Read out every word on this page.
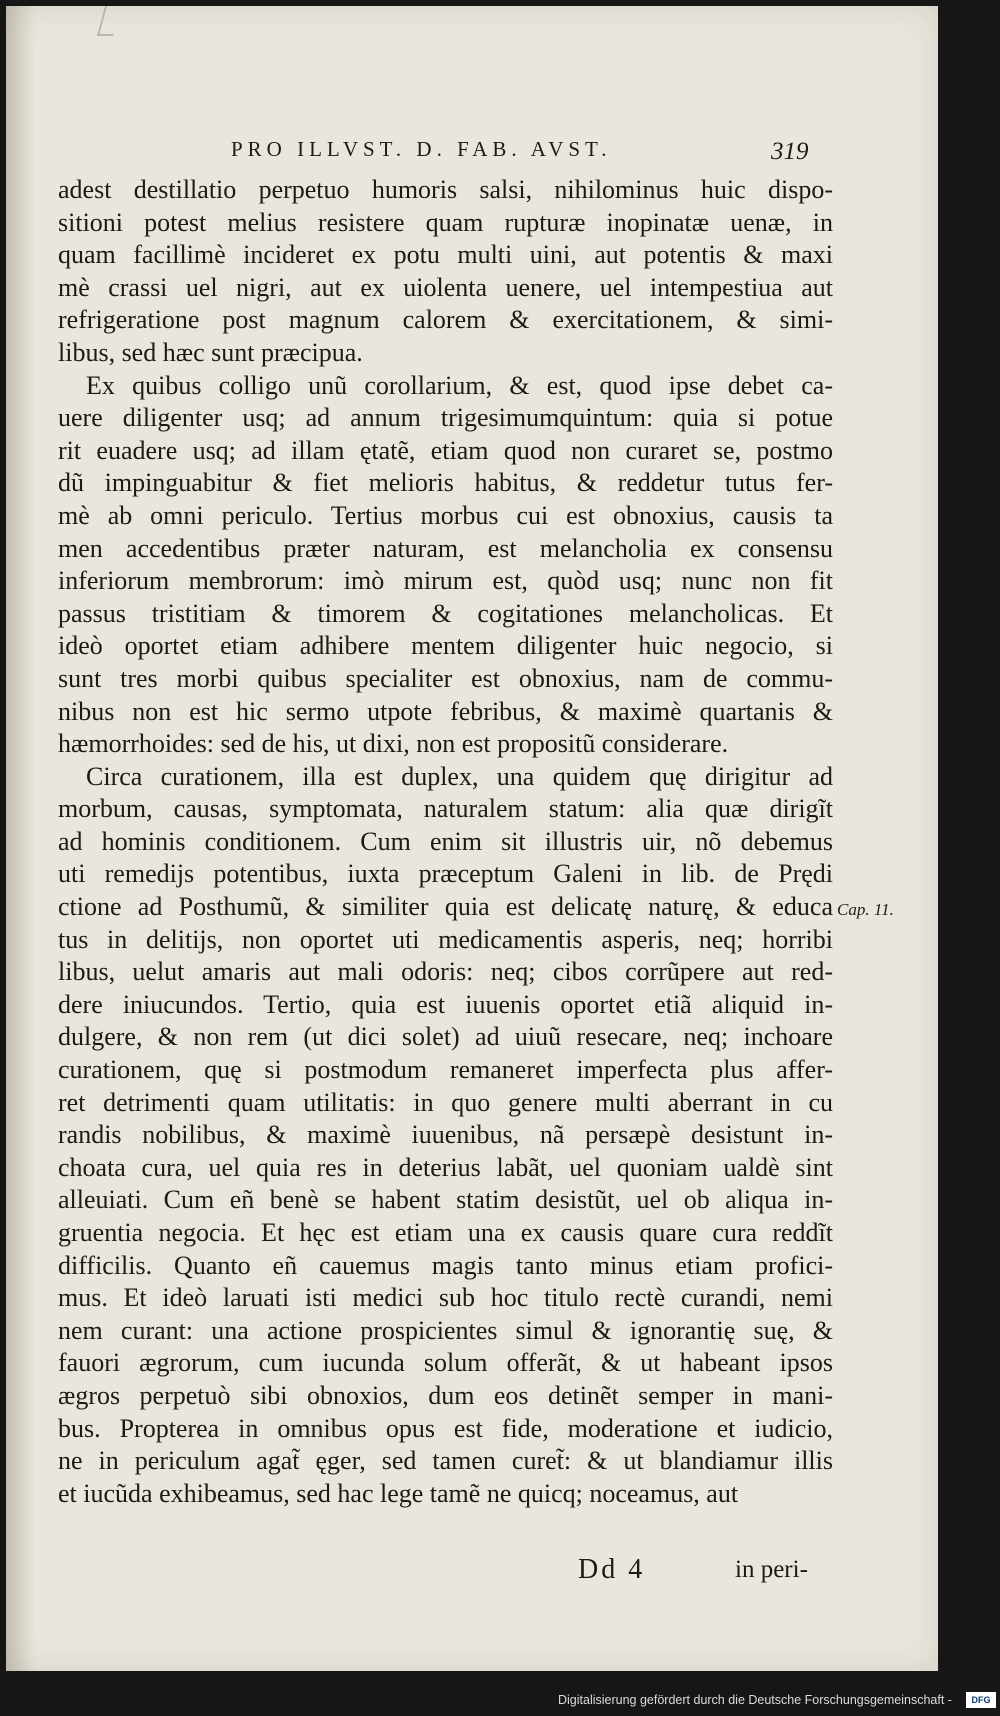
PRO ILLVST. D. FAB. AVST.	319
adest destillatio perpetuo humoris salsi, nihilominus huic dispo-
sitioni potest melius resistere quam rupturæ inopinatæ uenæ, in
quam facillimè incideret ex potu multi uini, aut potentis & maxi
mè crassi uel nigri, aut ex uiolenta uenere, uel intempestiua aut
refrigeratione post magnum calorem & exercitationem, & simi-
libus, sed hæc sunt præcipua.
Ex quibus colligo unũ corollarium, & est, quod ipse debet ca-
uere diligenter usq; ad annum trigesimumquintum: quia si potue
rit euadere usq; ad illam ętatẽ, etiam quod non curaret se, postmo
dũ impinguabitur & fiet melioris habitus, & reddetur tutus fer-
mè ab omni periculo. Tertius morbus cui est obnoxius, causis ta
men accedentibus præter naturam, est melancholia ex consensu
inferiorum membrorum: imò mirum est, quòd usq; nunc non fit
passus tristitiam & timorem & cogitationes melancholicas. Et
ideò oportet etiam adhibere mentem diligenter huic negocio, si
sunt tres morbi quibus specialiter est obnoxius, nam de commu-
nibus non est hic sermo utpote febribus, & maximè quartanis &
hæmorrhoides: sed de his, ut dixi, non est propositũ considerare.
Circa curationem, illa est duplex, una quidem quę dirigitur ad
morbum, causas, symptomata, naturalem statum: alia quæ dirigĩt
ad hominis conditionem. Cum enim sit illustris uir, nõ debemus
uti remedijs potentibus, iuxta præceptum Galeni in lib. de Prędi
ctione ad Posthumũ, & similiter quia est delicatę naturę, & educa
tus in delitijs, non oportet uti medicamentis asperis, neq; horribi
libus, uelut amaris aut mali odoris: neq; cibos corrũpere aut red-
dere iniucundos. Tertio, quia est iuuenis oportet etiã aliquid in-
dulgere, & non rem (ut dici solet) ad uiuũ resecare, neq; inchoare
curationem, quę si postmodum remaneret imperfecta plus affer-
ret detrimenti quam utilitatis: in quo genere multi aberrant in cu
randis nobilibus, & maximè iuuenibus, nã persæpè desistunt in-
choata cura, uel quia res in deterius labãt, uel quoniam ualdè sint
alleuiati. Cum eñ benè se habent statim desistũt, uel ob aliqua in-
gruentia negocia. Et hęc est etiam una ex causis quare cura reddĩt
difficilis. Quanto eñ cauemus magis tanto minus etiam profici-
mus. Et ideò laruati isti medici sub hoc titulo rectè curandi, nemi
nem curant: una actione prospicientes simul & ignorantię suę, &
fauori ægrorum, cum iucunda solum offerãt, & ut habeant ipsos
ægros perpetuò sibi obnoxios, dum eos detinẽt semper in mani-
bus. Propterea in omnibus opus est fide, moderatione et iudicio,
ne in periculum agat̃ ęger, sed tamen curet̃: & ut blandiamur illis
et iucũda exhibeamus, sed hac lege tamẽ ne quicq; noceamus, aut
Cap. 11.
Dd 4	in peri-
Digitalisierung gefördert durch die Deutsche Forschungsgemeinschaft - DFG
